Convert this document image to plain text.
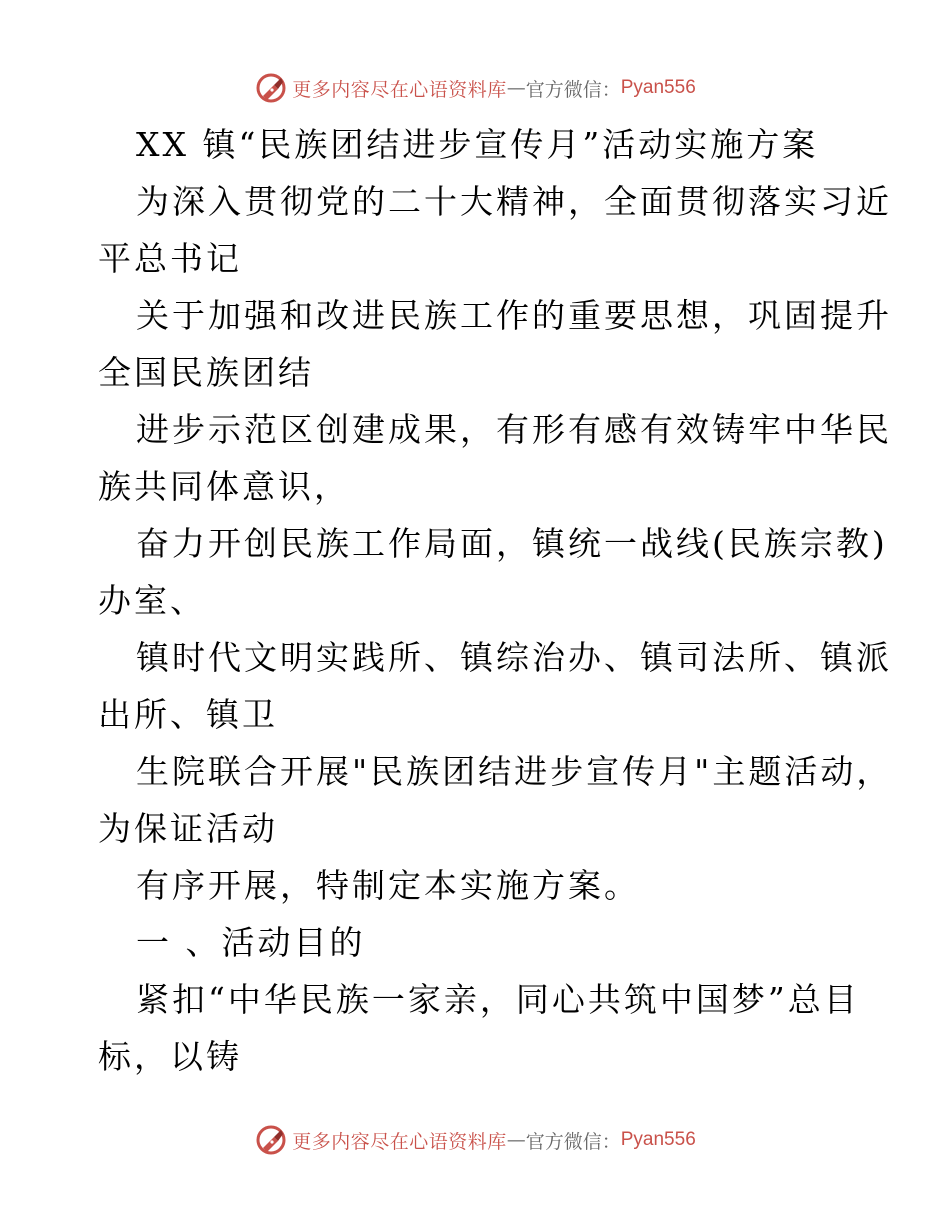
更多内容尽在心语资料库 — 官方微信： Pyan556
XX 镇“民族团结进步宣传月”活动实施方案
为深入贯彻党的二十大精神，全面贯彻落实习近
平总书记
关于加强和改进民族工作的重要思想，巩固提升
全国民族团结
进步示范区创建成果，有形有感有效铸牢中华民
族共同体意识，
奋力开创民族工作局面，镇统一战线(民族宗教)
办室、
镇时代文明实践所、镇综治办、镇司法所、镇派
出所、镇卫
生院联合开展"民族团结进步宣传月"主题活动，
为保证活动
有序开展，特制定本实施方案。
一 、活动目的
紧扣“中华民族一家亲，同心共筑中国梦”总目
标，以铸
更多内容尽在心语资料库 — 官方微信： Pyan556
